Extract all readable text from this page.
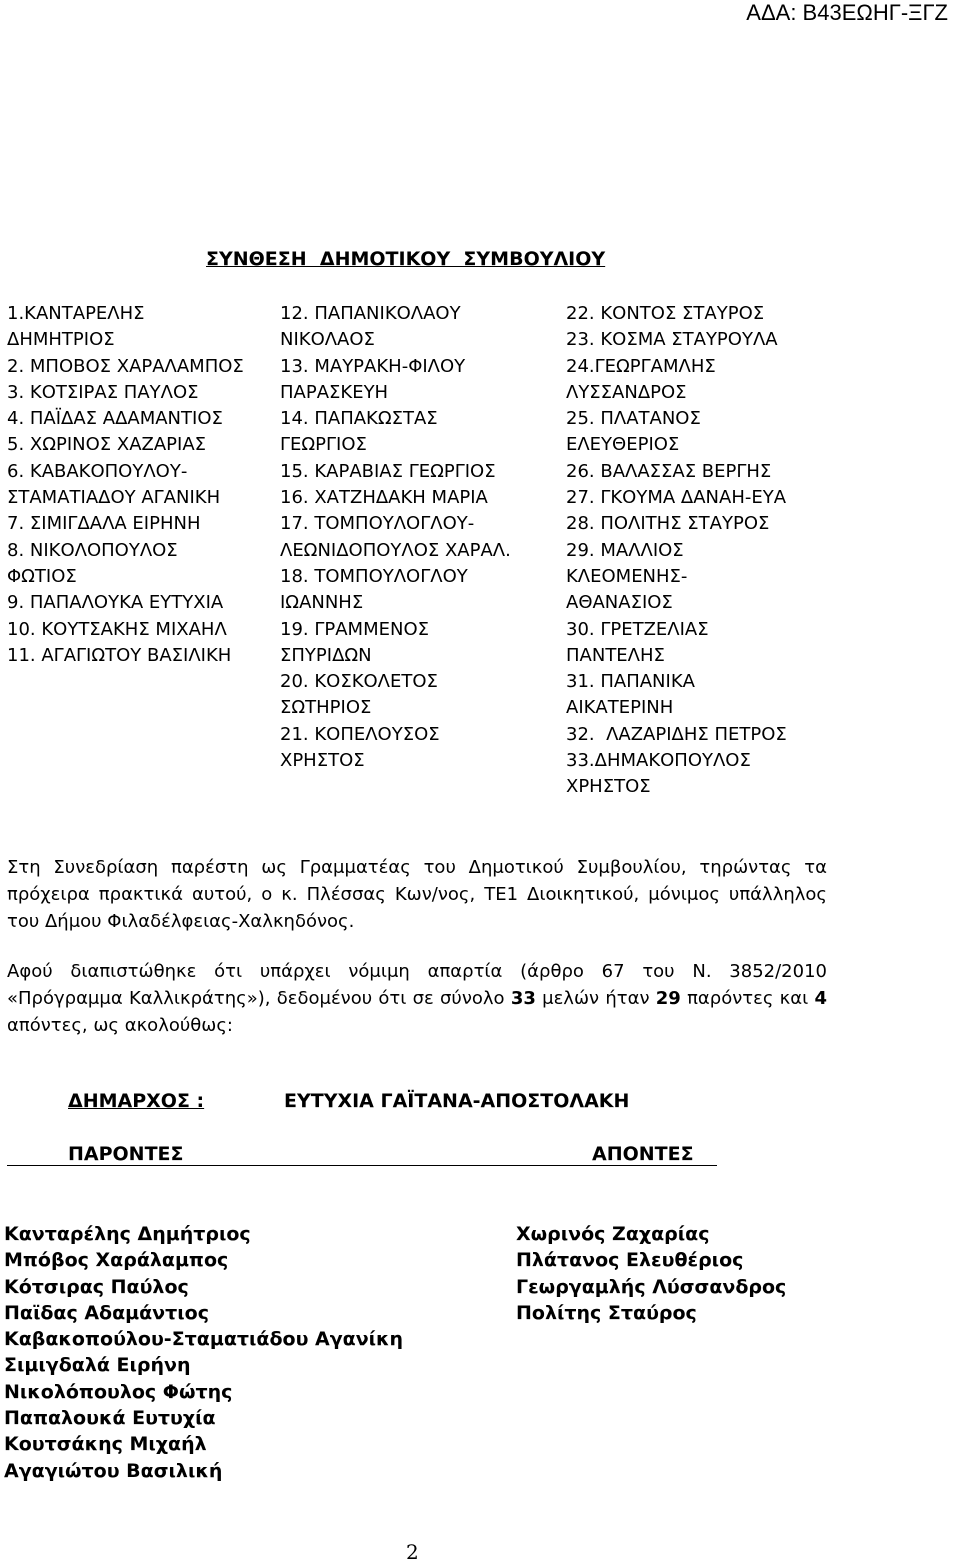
ΑΔΑ: Β43ΕΩΗΓ-ΞΓΖ
ΣΥΝΘΕΣΗ  ΔΗΜΟΤΙΚΟΥ  ΣΥΜΒΟΥΛΙΟΥ
1.ΚΑΝΤΑΡΕΛΗΣ
ΔΗΜΗΤΡΙΟΣ
2. ΜΠΟΒΟΣ ΧΑΡΑΛΑΜΠΟΣ
3. ΚΟΤΣΙΡΑΣ ΠΑΥΛΟΣ
4. ΠΑΪΔΑΣ ΑΔΑΜΑΝΤΙΟΣ
5. ΧΩΡΙΝΟΣ ΧΑΖΑΡΙΑΣ
6. ΚΑΒΑΚΟΠΟΥΛΟΥ-
ΣΤΑΜΑΤΙΑΔΟΥ ΑΓΑΝΙΚΗ
7. ΣΙΜΙΓΔΑΛΑ ΕΙΡΗΝΗ
8. ΝΙΚΟΛΟΠΟΥΛΟΣ
ΦΩΤΙΟΣ
9. ΠΑΠΑΛΟΥΚΑ ΕΥΤΥΧΙΑ
10. ΚΟΥΤΣΑΚΗΣ ΜΙΧΑΗΛ
11. ΑΓΑΓΙΩΤΟΥ ΒΑΣΙΛΙΚΗ
12. ΠΑΠΑΝΙΚΟΛΑΟΥ
ΝΙΚΟΛΑΟΣ
13. ΜΑΥΡΑΚΗ-ΦΙΛΟΥ
ΠΑΡΑΣΚΕΥΗ
14. ΠΑΠΑΚΩΣΤΑΣ
ΓΕΩΡΓΙΟΣ
15. ΚΑΡΑΒΙΑΣ ΓΕΩΡΓΙΟΣ
16. ΧΑΤΖΗΔΑΚΗ ΜΑΡΙΑ
17. ΤΟΜΠΟΥΛΟΓΛΟΥ-
ΛΕΩΝΙΔΟΠΟΥΛΟΣ ΧΑΡΑΛ.
18. ΤΟΜΠΟΥΛΟΓΛΟΥ
ΙΩΑΝΝΗΣ
19. ΓΡΑΜΜΕΝΟΣ
ΣΠΥΡΙΔΩΝ
20. ΚΟΣΚΟΛΕΤΟΣ
ΣΩΤΗΡΙΟΣ
21. ΚΟΠΕΛΟΥΣΟΣ
ΧΡΗΣΤΟΣ
22. ΚΟΝΤΟΣ ΣΤΑΥΡΟΣ
23. ΚΟΣΜΑ ΣΤΑΥΡΟΥΛΑ
24.ΓΕΩΡΓΑΜΛΗΣ
ΛΥΣΣΑΝΔΡΟΣ
25. ΠΛΑΤΑΝΟΣ
ΕΛΕΥΘΕΡΙΟΣ
26. ΒΑΛΑΣΣΑΣ ΒΕΡΓΗΣ
27. ΓΚΟΥΜΑ ΔΑΝΑΗ-ΕΥΑ
28. ΠΟΛΙΤΗΣ ΣΤΑΥΡΟΣ
29. ΜΑΛΛΙΟΣ
ΚΛΕΟΜΕΝΗΣ-
ΑΘΑΝΑΣΙΟΣ
30. ΓΡΕΤΖΕΛΙΑΣ
ΠΑΝΤΕΛΗΣ
31. ΠΑΠΑΝΙΚΑ
ΑΙΚΑΤΕΡΙΝΗ
32.  ΛΑΖΑΡΙΔΗΣ ΠΕΤΡΟΣ
33.ΔΗΜΑΚΟΠΟΥΛΟΣ
ΧΡΗΣΤΟΣ
Στη Συνεδρίαση παρέστη ως Γραμματέας του Δημοτικού Συμβουλίου, τηρώντας τα πρόχειρα πρακτικά αυτού, ο κ. Πλέσσας Κων/νος, ΤΕ1 Διοικητικού, μόνιμος υπάλληλος του Δήμου Φιλαδέλφειας-Χαλκηδόνος.
Αφού διαπιστώθηκε ότι υπάρχει νόμιμη απαρτία (άρθρο 67 του Ν. 3852/2010 «Πρόγραμμα Καλλικράτης»), δεδομένου ότι σε σύνολο 33 μελών ήταν 29 παρόντες και 4 απόντες, ως ακολούθως:
ΔΗΜΑΡΧΟΣ :	ΕΥΤΥΧΙΑ ΓΑΪΤΑΝΑ-ΑΠΟΣΤΟΛΑΚΗ
ΠΑΡΟΝΤΕΣ	ΑΠΟΝΤΕΣ
Κανταρέλης Δημήτριος
Μπόβος Χαράλαμπος
Κότσιρας Παύλος
Παϊδας Αδαμάντιος
Καβακοπούλου-Σταματιάδου Αγανίκη
Σιμιγδαλά Ειρήνη
Νικολόπουλος Φώτης
Παπαλουκά Ευτυχία
Κουτσάκης Μιχαήλ
Αγαγιώτου Βασιλική
Χωρινός Ζαχαρίας
Πλάτανος Ελευθέριος
Γεωργαμλής Λύσσανδρος
Πολίτης Σταύρος
2
